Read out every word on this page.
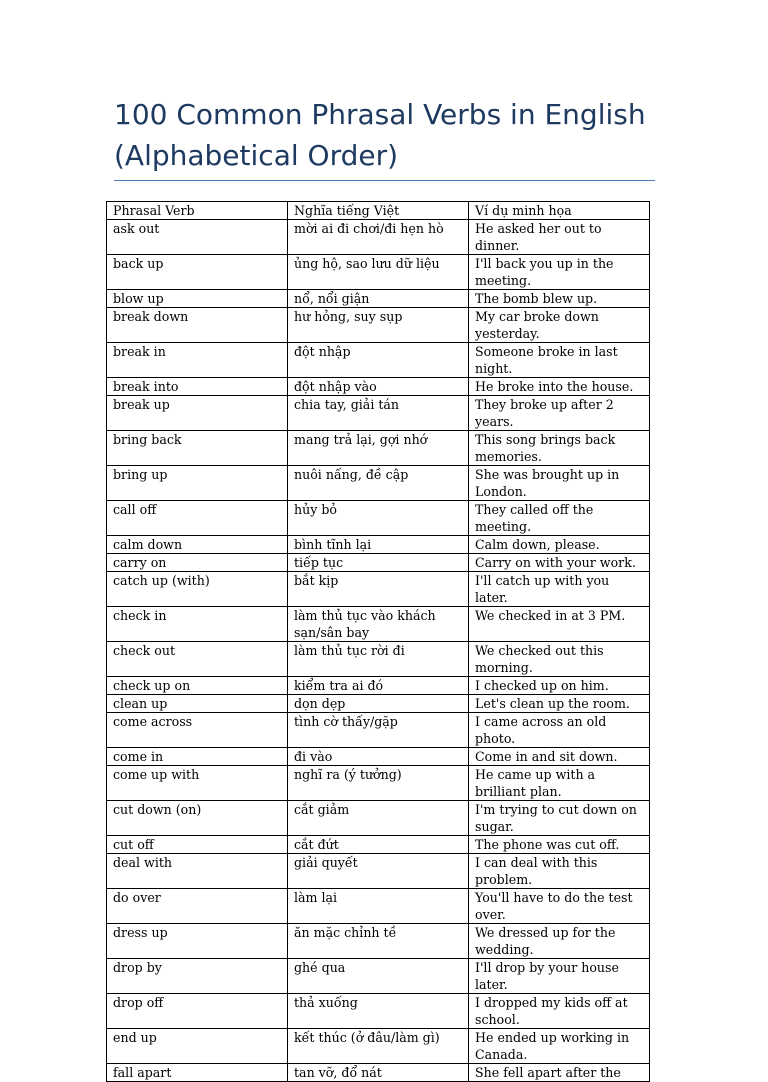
100 Common Phrasal Verbs in English (Alphabetical Order)
Phrasal Verb	Nghĩa tiếng Việt	Ví dụ minh họa
ask out	mời ai đi chơi/đi hẹn hò	He asked her out to dinner.
back up	ủng hộ, sao lưu dữ liệu	I'll back you up in the meeting.
blow up	nổ, nổi giận	The bomb blew up.
break down	hư hỏng, suy sụp	My car broke down yesterday.
break in	đột nhập	Someone broke in last night.
break into	đột nhập vào	He broke into the house.
break up	chia tay, giải tán	They broke up after 2 years.
bring back	mang trả lại, gợi nhớ	This song brings back memories.
bring up	nuôi nấng, đề cập	She was brought up in London.
call off	hủy bỏ	They called off the meeting.
calm down	bình tĩnh lại	Calm down, please.
carry on	tiếp tục	Carry on with your work.
catch up (with)	bắt kịp	I'll catch up with you later.
check in	làm thủ tục vào khách sạn/sân bay	We checked in at 3 PM.
check out	làm thủ tục rời đi	We checked out this morning.
check up on	kiểm tra ai đó	I checked up on him.
clean up	dọn dẹp	Let's clean up the room.
come across	tình cờ thấy/gặp	I came across an old photo.
come in	đi vào	Come in and sit down.
come up with	nghĩ ra (ý tưởng)	He came up with a brilliant plan.
cut down (on)	cắt giảm	I'm trying to cut down on sugar.
cut off	cắt đứt	The phone was cut off.
deal with	giải quyết	I can deal with this problem.
do over	làm lại	You'll have to do the test over.
dress up	ăn mặc chỉnh tề	We dressed up for the wedding.
drop by	ghé qua	I'll drop by your house later.
drop off	thả xuống	I dropped my kids off at school.
end up	kết thúc (ở đâu/làm gì)	He ended up working in Canada.
fall apart	tan vỡ, đổ nát	She fell apart after the
